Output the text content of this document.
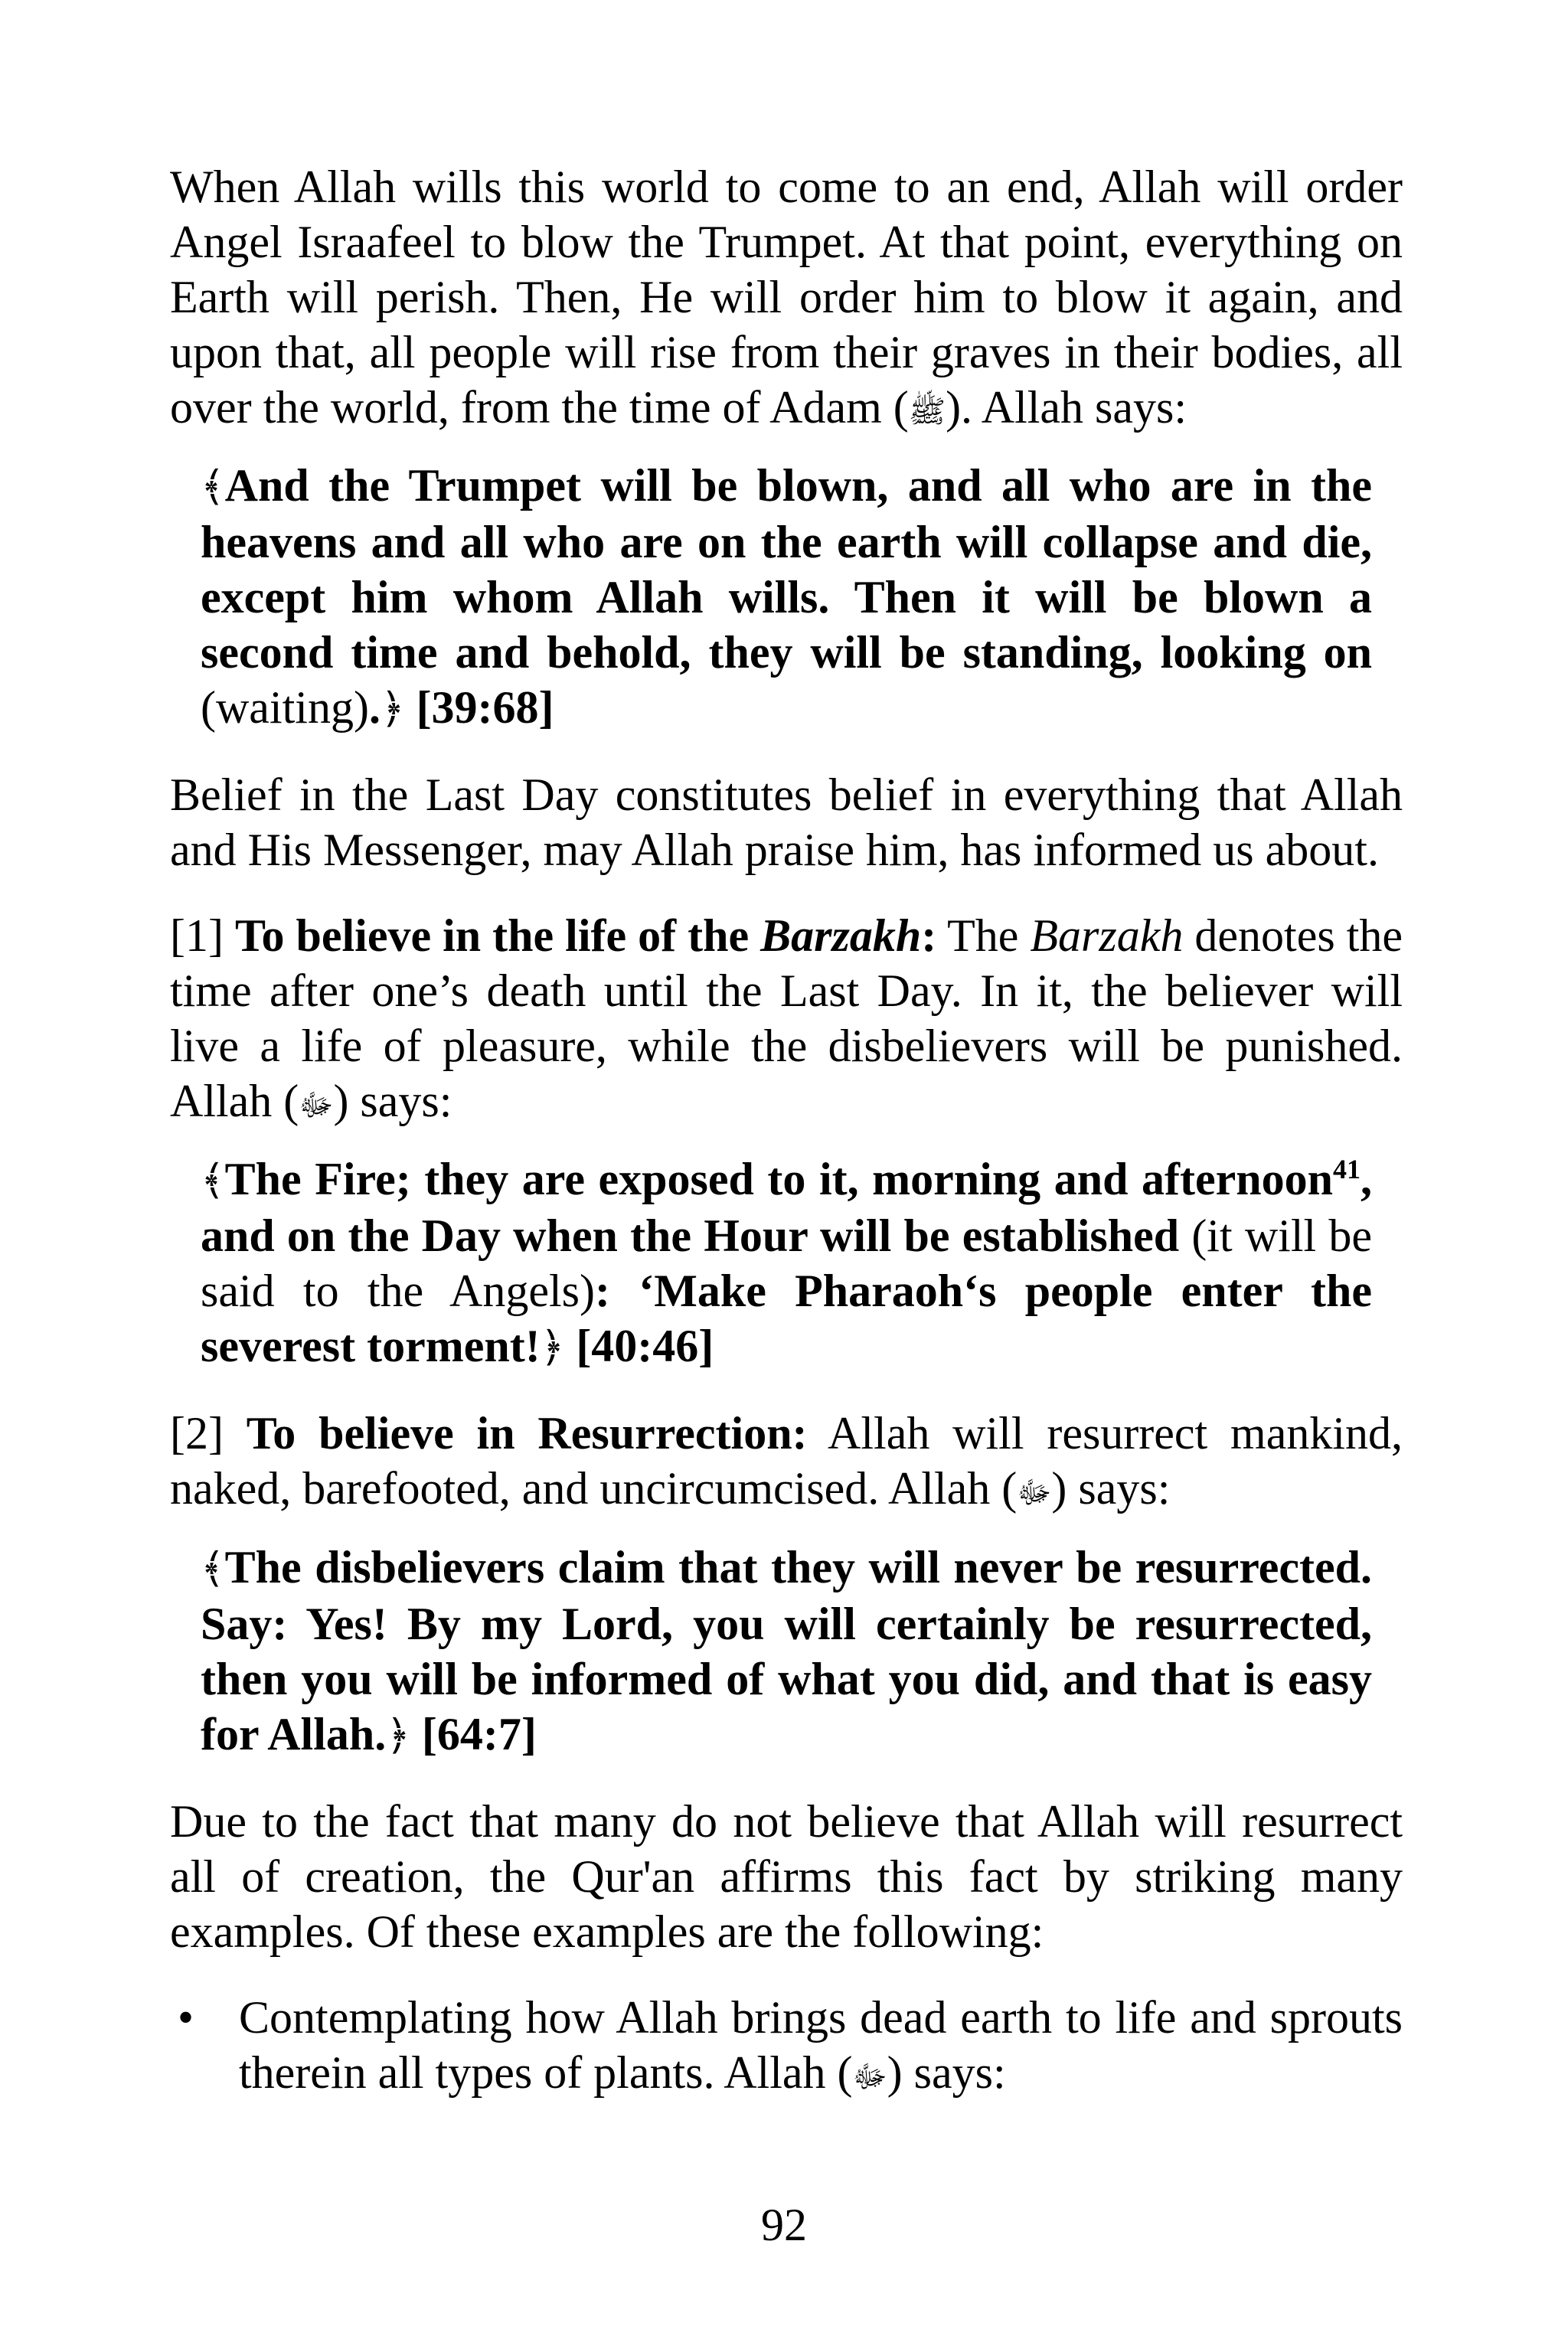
When Allah wills this world to come to an end, Allah will order Angel Israafeel to blow the Trumpet. At that point, everything on Earth will perish. Then, He will order him to blow it again, and upon that, all people will rise from their graves in their bodies, all over the world, from the time of Adam (ﷺ). Allah says:

﴾And the Trumpet will be blown, and all who are in the heavens and all who are on the earth will collapse and die, except him whom Allah wills. Then it will be blown a second time and behold, they will be standing, looking on (waiting).﴿ [39:68]

Belief in the Last Day constitutes belief in everything that Allah and His Messenger, may Allah praise him, has informed us about.

[1] To believe in the life of the Barzakh: The Barzakh denotes the time after one’s death until the Last Day. In it, the believer will live a life of pleasure, while the disbelievers will be punished. Allah (ﷻ) says:

﴾The Fire; they are exposed to it, morning and afternoon$^{41}$, and on the Day when the Hour will be established (it will be said to the Angels): ‘Make Pharaoh‘s people enter the severest torment!﴿ [40:46]

[2] To believe in Resurrection: Allah will resurrect mankind, naked, barefooted, and uncircumcised. Allah (ﷻ) says:

﴾The disbelievers claim that they will never be resurrected. Say: Yes! By my Lord, you will certainly be resurrected, then you will be informed of what you did, and that is easy for Allah.﴿ [64:7]

Due to the fact that many do not believe that Allah will resurrect all of creation, the Qur'an affirms this fact by striking many examples. Of these examples are the following:

• Contemplating how Allah brings dead earth to life and sprouts therein all types of plants. Allah (ﷻ) says:
92
